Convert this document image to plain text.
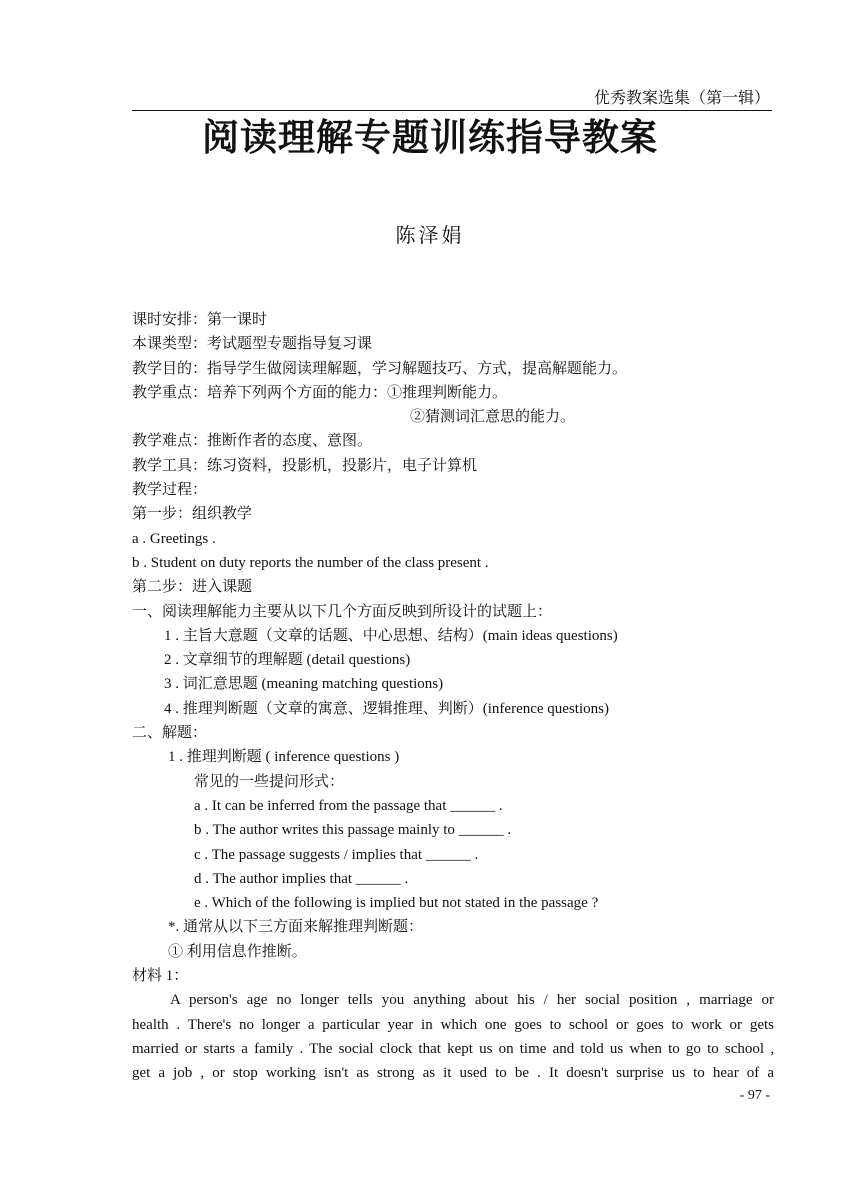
优秀教案选集（第一辑）
阅读理解专题训练指导教案
陈泽娟
课时安排：第一课时
本课类型：考试题型专题指导复习课
教学目的：指导学生做阅读理解题，学习解题技巧、方式，提高解题能力。
教学重点：培养下列两个方面的能力：①推理判断能力。
②猜测词汇意思的能力。
教学难点：推断作者的态度、意图。
教学工具：练习资料，投影机，投影片，电子计算机
教学过程：
第一步：组织教学
a . Greetings .
b . Student on duty reports the number of the class present .
第二步：进入课题
一、阅读理解能力主要从以下几个方面反映到所设计的试题上：
1 . 主旨大意题（文章的话题、中心思想、结构）(main ideas questions)
2 . 文章细节的理解题 (detail questions)
3 . 词汇意思题 (meaning matching questions)
4 . 推理判断题（文章的寓意、逻辑推理、判断）(inference questions)
二、解题：
1 . 推理判断题 ( inference questions )
常见的一些提问形式：
a . It can be inferred from the passage that ______ .
b . The author writes this passage mainly to ______ .
c . The passage suggests / implies that ______ .
d . The author implies that ______ .
e . Which of the following is implied but not stated in the passage ?
*. 通常从以下三方面来解推理判断题：
① 利用信息作推断。
材料 1：
A person's age no longer tells you anything about his / her social position , marriage or
health . There's no longer a particular year in which one goes to school or goes to work or gets
married or starts a family . The social clock that kept us on time and told us when to go to school ,
get a job , or stop working isn't as strong as it used to be . It doesn't surprise us to hear of a
- 97 -
